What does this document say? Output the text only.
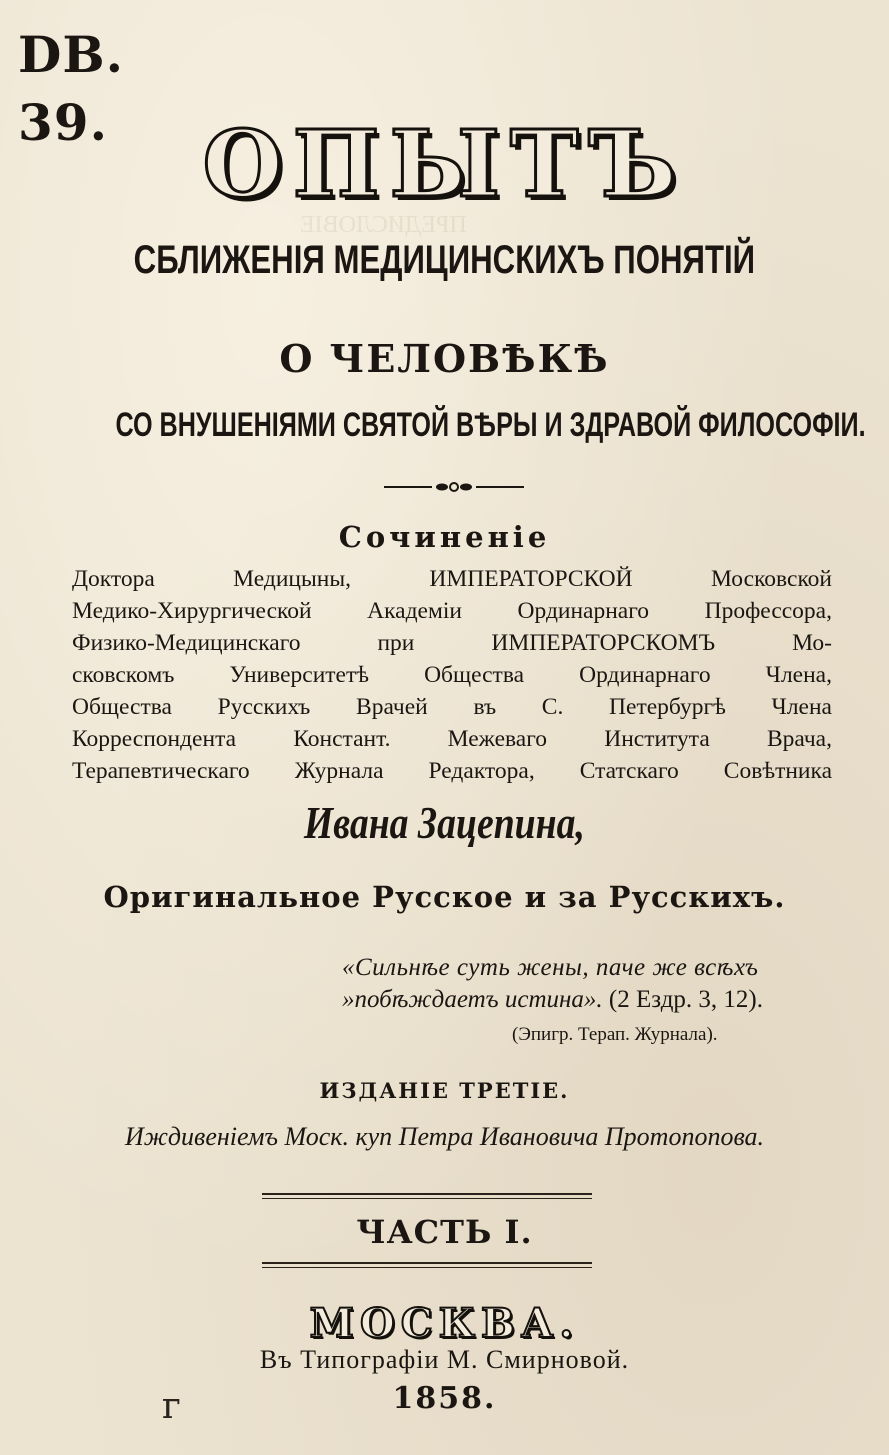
ПРЕДИСЛОВІЕ
DB.
39.	ОПЫТЪ
СБЛИЖЕНІЯ МЕДИЦИНСКИХЪ ПОНЯТІЙ
О ЧЕЛОВѢКѢ
СО ВНУШЕНІЯМИ СВЯТОЙ ВѢРЫ И ЗДРАВОЙ ФИЛОСОФІИ.
Сочиненіе
Доктора Медицыны, ИМПЕРАТОРСКОЙ Московской
Медико-Хирургической Академіи Ординарнаго Профессора,
Физико-Медицинскаго при ИМПЕРАТОРСКОМЪ Мо-
сковскомъ Университетѣ Общества Ординарнаго Члена,
Общества Русскихъ Врачей въ С. Петербургѣ Члена
Корреспондента Констант. Межеваго Института Врача,
Терапевтическаго Журнала Редактора, Статскаго Совѣтника
Ивана Зацепина,
Оригинальное Русское и за Русскихъ.
«Сильнѣе суть жены, паче же всѣхъ
»побѣждаетъ истина». (2 Ездр. 3, 12).
(Эпигр. Терап. Журнала).
ИЗДАНІЕ ТРЕТІЕ.
Иждивенiемъ Моск. куп Петра Ивановича Протопопова.
ЧАСТЬ I.
МОСКВА.
Въ Типографіи М. Смирновой.
1858.
г
